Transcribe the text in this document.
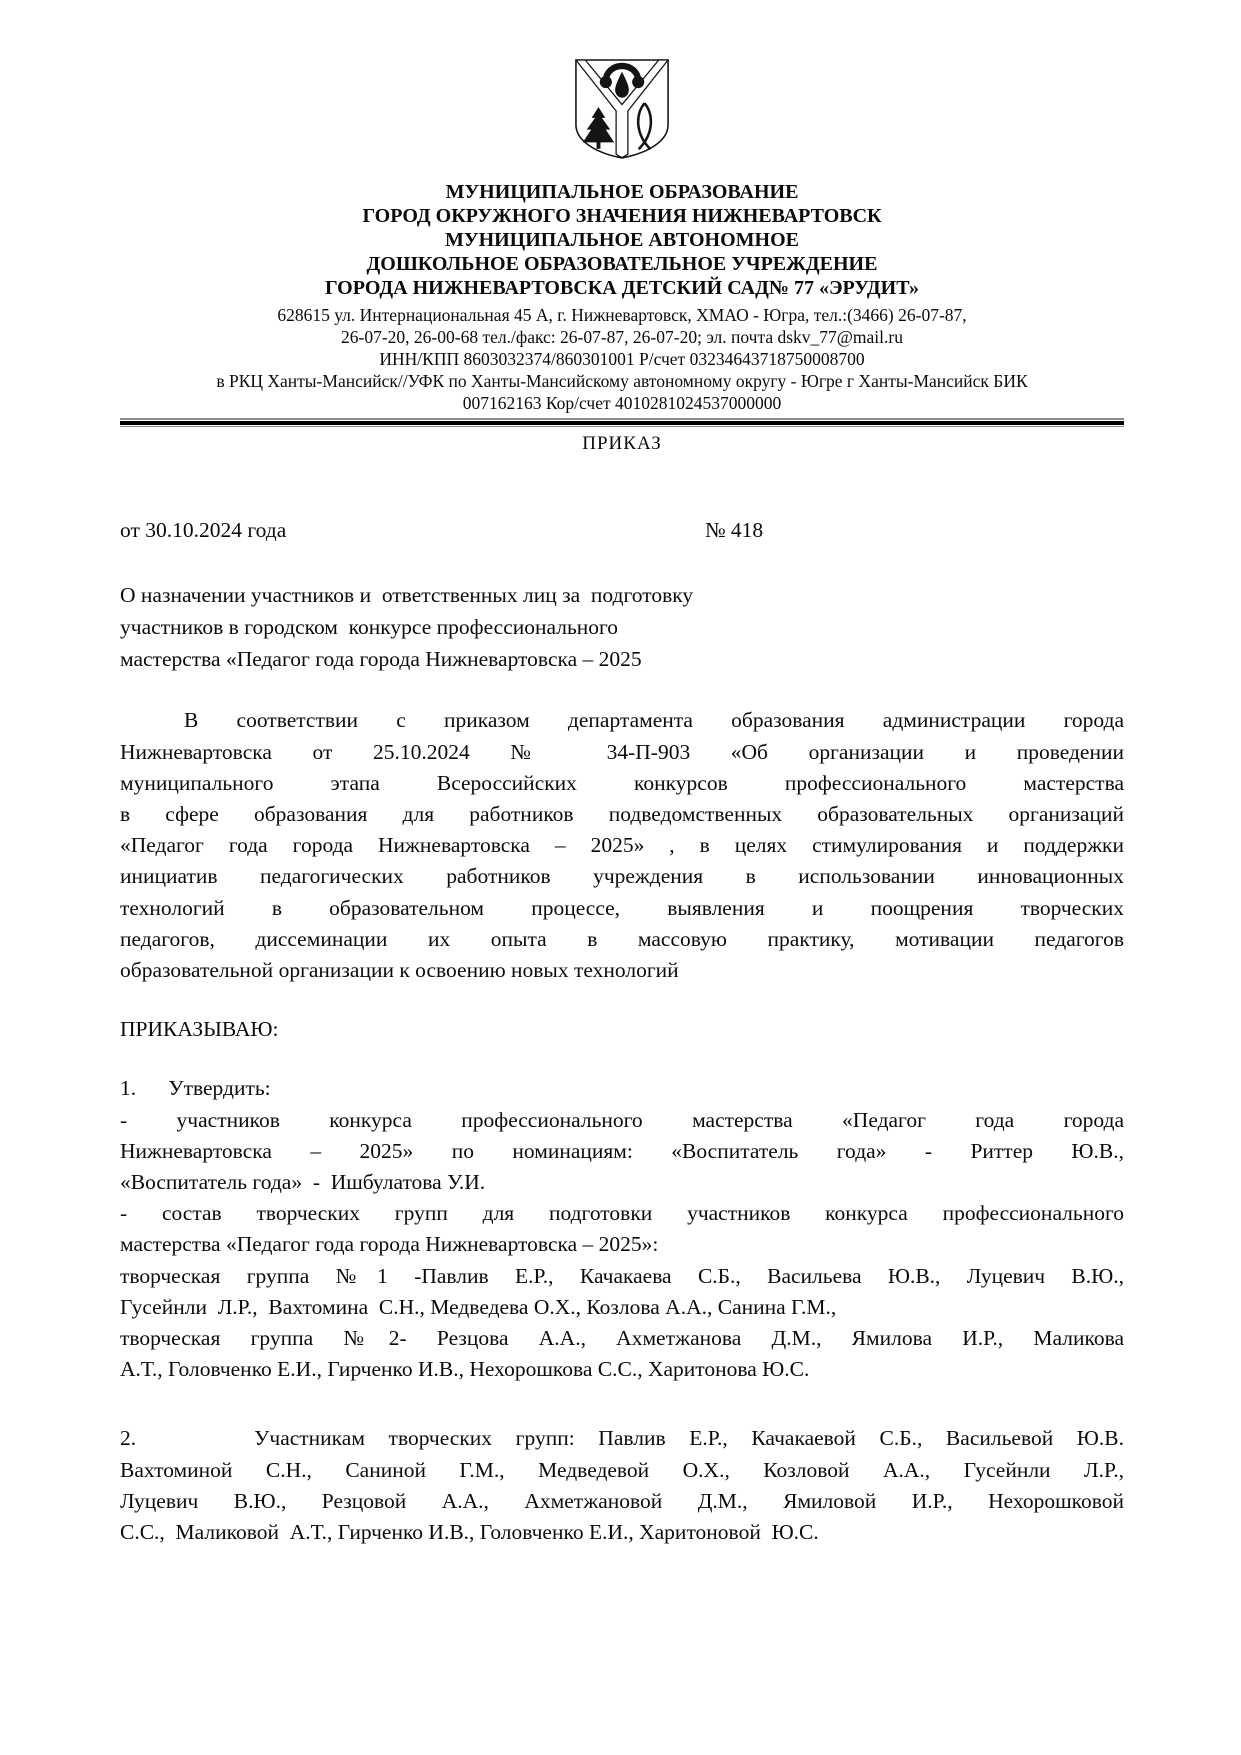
МУНИЦИПАЛЬНОЕ ОБРАЗОВАНИЕ
ГОРОД ОКРУЖНОГО ЗНАЧЕНИЯ НИЖНЕВАРТОВСК
МУНИЦИПАЛЬНОЕ АВТОНОМНОЕ
ДОШКОЛЬНОЕ ОБРАЗОВАТЕЛЬНОЕ УЧРЕЖДЕНИЕ
ГОРОДА НИЖНЕВАРТОВСКА ДЕТСКИЙ САД№ 77 «ЭРУДИТ»
628615 ул. Интернациональная 45 А, г. Нижневартовск, ХМАО - Югра, тел.:(3466) 26-07-87,
26-07-20, 26-00-68 тел./факс: 26-07-87, 26-07-20; эл. почта dskv_77@mail.ru
ИНН/КПП 8603032374/860301001 Р/счет 03234643718750008700
в РКЦ Ханты-Мансийск//УФК по Ханты-Мансийскому автономному округу - Югре г Ханты-Мансийск БИК
007162163 Кор/счет 4010281024537000000
ПРИКАЗ
от 30.10.2024 года	№ 418
О назначении участников и  ответственных лиц за  подготовку
участников в городском  конкурсе профессионального
мастерства «Педагог года города Нижневартовска – 2025
В соответствии с приказом департамента образования администрации города
Нижневартовска от 25.10.2024 № 34-П-903 «Об организации и проведении
муниципального этапа Всероссийских конкурсов профессионального мастерства
в сфере образования для работников подведомственных образовательных организаций
«Педагог года города Нижневартовска – 2025» , в целях стимулирования и поддержки
инициатив педагогических работников учреждения в использовании инновационных
технологий в образовательном процессе, выявления и поощрения творческих
педагогов, диссеминации их опыта в массовую практику, мотивации педагогов
образовательной организации к освоению новых технологий
ПРИКАЗЫВАЮ:
1.      Утвердить:
- участников конкурса профессионального мастерства «Педагог года города
Нижневартовска – 2025» по номинациям: «Воспитатель года» - Риттер Ю.В.,
«Воспитатель года»  -  Ишбулатова У.И.
- состав творческих групп для подготовки участников конкурса профессионального
мастерства «Педагог года города Нижневартовска – 2025»:
творческая группа №1 -Павлив Е.Р., Качакаева С.Б., Васильева Ю.В., Луцевич В.Ю.,
Гусейнли  Л.Р.,  Вахтомина  С.Н., Медведева О.Х., Козлова А.А., Санина Г.М.,
творческая группа №2- Резцова А.А., Ахметжанова Д.М., Ямилова И.Р., Маликова
А.Т., Головченко Е.И., Гирченко И.В., Нехорошкова С.С., Харитонова Ю.С.
2.     Участникам творческих групп: Павлив Е.Р., Качакаевой С.Б., Васильевой Ю.В.
Вахтоминой С.Н., Саниной Г.М., Медведевой О.Х., Козловой А.А., Гусейнли Л.Р.,
Луцевич В.Ю., Резцовой А.А., Ахметжановой Д.М., Ямиловой И.Р., Нехорошковой
С.С.,  Маликовой  А.Т., Гирченко И.В., Головченко Е.И., Харитоновой  Ю.С.
